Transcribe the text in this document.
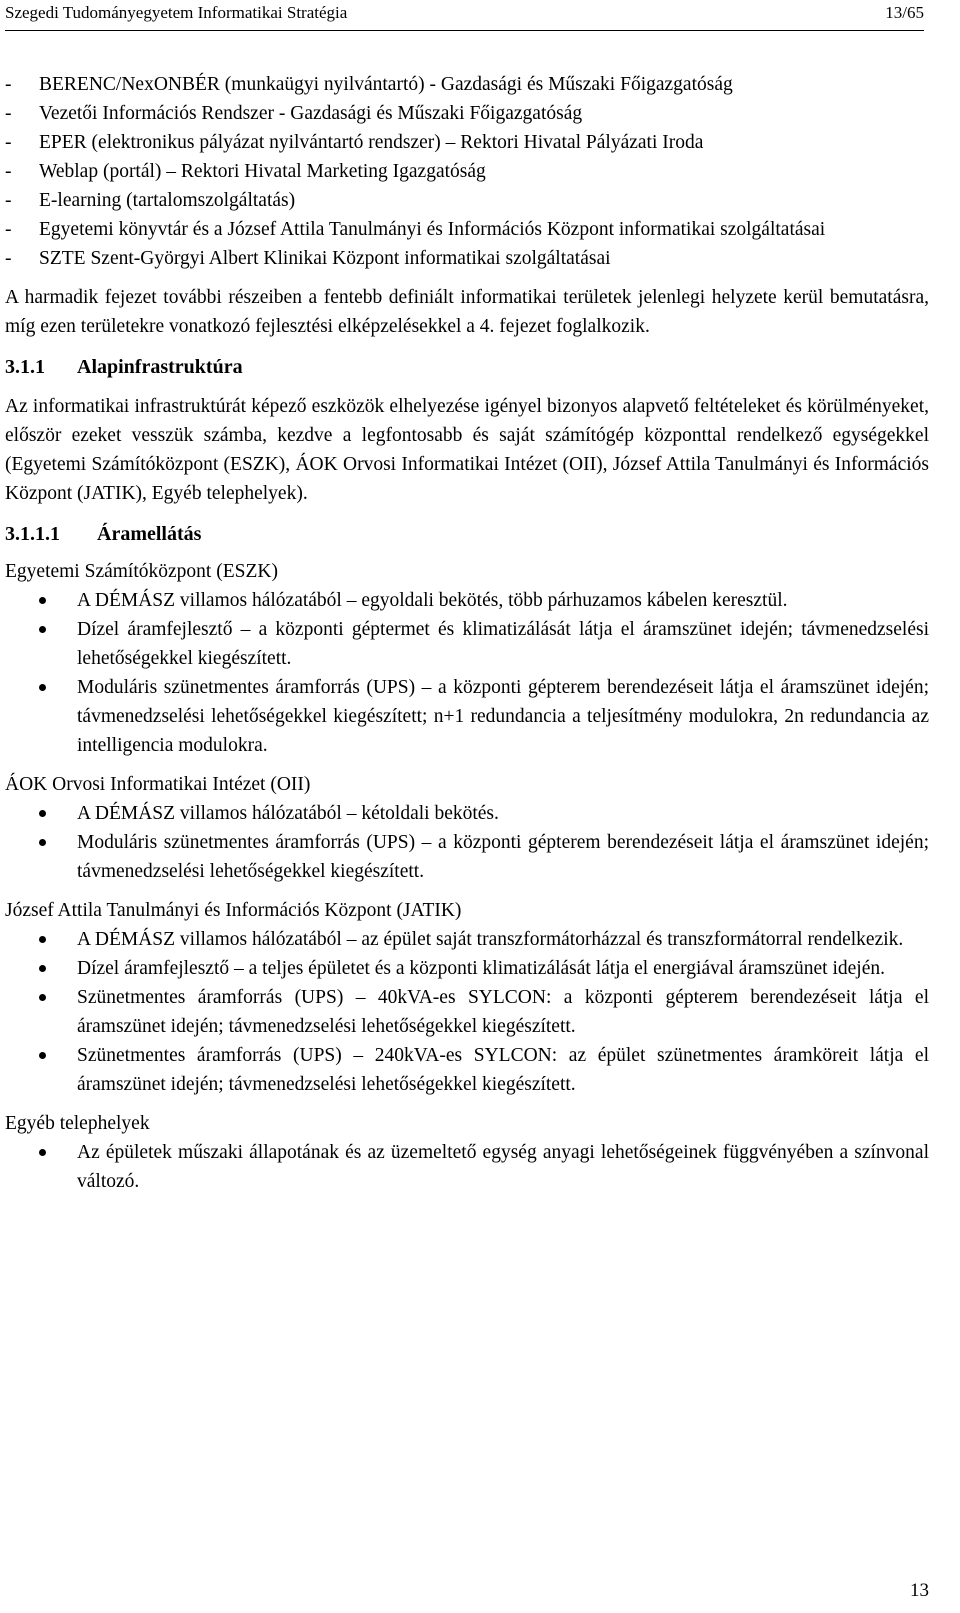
Szegedi Tudományegyetem Informatikai Stratégia	13/65
- BERENC/NexONBÉR (munkaügyi nyilvántartó) - Gazdasági és Műszaki Főigazgatóság
- Vezetői Információs Rendszer - Gazdasági és Műszaki Főigazgatóság
- EPER (elektronikus pályázat nyilvántartó rendszer) – Rektori Hivatal Pályázati Iroda
- Weblap (portál) – Rektori Hivatal Marketing Igazgatóság
- E-learning (tartalomszolgáltatás)
- Egyetemi könyvtár és a József Attila Tanulmányi és Információs Központ informatikai szolgáltatásai
- SZTE Szent-Györgyi Albert Klinikai Központ informatikai szolgáltatásai

A harmadik fejezet további részeiben a fentebb definiált informatikai területek jelenlegi helyzete kerül bemutatásra, míg ezen területekre vonatkozó fejlesztési elképzelésekkel a 4. fejezet foglalkozik.

3.1.1 Alapinfrastruktúra

Az informatikai infrastruktúrát képező eszközök elhelyezése igényel bizonyos alapvető feltételeket és körülményeket, először ezeket vesszük számba, kezdve a legfontosabb és saját számítógép központtal rendelkező egységekkel (Egyetemi Számítóközpont (ESZK), ÁOK Orvosi Informatikai Intézet (OII), József Attila Tanulmányi és Információs Központ (JATIK), Egyéb telephelyek).

3.1.1.1 Áramellátás

Egyetemi Számítóközpont (ESZK)

A DÉMÁSZ villamos hálózatából – egyoldali bekötés, több párhuzamos kábelen keresztül.
Dízel áramfejlesztő – a központi géptermet és klimatizálását látja el áramszünet idején; távmenedzselési lehetőségekkel kiegészített.
Moduláris szünetmentes áramforrás (UPS) – a központi gépterem berendezéseit látja el áramszünet idején; távmenedzselési lehetőségekkel kiegészített; n+1 redundancia a teljesítmény modulokra, 2n redundancia az intelligencia modulokra.

ÁOK Orvosi Informatikai Intézet (OII)

A DÉMÁSZ villamos hálózatából – kétoldali bekötés.
Moduláris szünetmentes áramforrás (UPS) – a központi gépterem berendezéseit látja el áramszünet idején; távmenedzselési lehetőségekkel kiegészített.

József Attila Tanulmányi és Információs Központ (JATIK)

A DÉMÁSZ villamos hálózatából – az épület saját transzformátorházzal és transzformátorral rendelkezik.
Dízel áramfejlesztő – a teljes épületet és a központi klimatizálását látja el energiával áramszünet idején.
Szünetmentes áramforrás (UPS) – 40kVA-es SYLCON: a központi gépterem berendezéseit látja el áramszünet idején; távmenedzselési lehetőségekkel kiegészített.
Szünetmentes áramforrás (UPS) – 240kVA-es SYLCON: az épület szünetmentes áramköreit látja el áramszünet idején; távmenedzselési lehetőségekkel kiegészített.

Egyéb telephelyek

Az épületek műszaki állapotának és az üzemeltető egység anyagi lehetőségeinek függvényében a színvonal változó.
13
